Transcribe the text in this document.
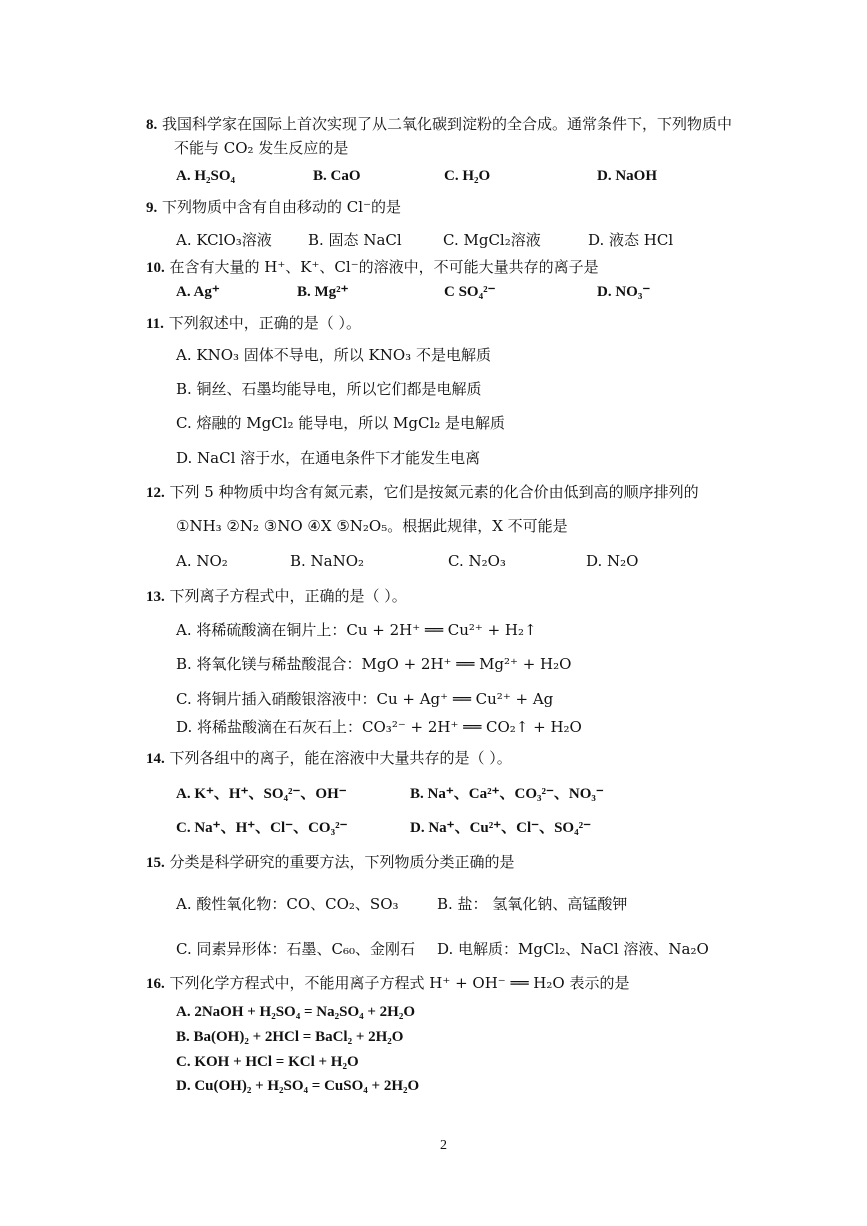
8. 我国科学家在国际上首次实现了从二氧化碳到淀粉的全合成。通常条件下，下列物质中
不能与 CO₂ 发生反应的是
A. H₂SO₄	B. CaO	C. H₂O	D. NaOH
9. 下列物质中含有自由移动的 Cl⁻的是
A. KClO₃溶液 B. 固态 NaCl	C. MgCl₂溶液	D. 液态 HCl
10. 在含有大量的 H⁺、K⁺、Cl⁻的溶液中，不可能大量共存的离子是
A. Ag⁺	B. Mg²⁺	C SO₄²⁻	D. NO₃⁻
11. 下列叙述中，正确的是（ ）。
A. KNO₃ 固体不导电，所以 KNO₃ 不是电解质
B. 铜丝、石墨均能导电，所以它们都是电解质
C. 熔融的 MgCl₂ 能导电，所以 MgCl₂ 是电解质
D. NaCl 溶于水，在通电条件下才能发生电离
12. 下列 5 种物质中均含有氮元素，它们是按氮元素的化合价由低到高的顺序排列的
①NH₃ ②N₂ ③NO ④X ⑤N₂O₅。根据此规律，X 不可能是
A. NO₂	B. NaNO₂	C. N₂O₃	D. N₂O
13. 下列离子方程式中，正确的是（ ）。
A. 将稀硫酸滴在铜片上：Cu + 2H⁺ ══ Cu²⁺ + H₂↑
B. 将氧化镁与稀盐酸混合：MgO + 2H⁺ ══ Mg²⁺ + H₂O
C. 将铜片插入硝酸银溶液中：Cu + Ag⁺ ══ Cu²⁺ + Ag
D. 将稀盐酸滴在石灰石上：CO₃²⁻ + 2H⁺ ══ CO₂↑ + H₂O
14. 下列各组中的离子，能在溶液中大量共存的是（ ）。
A. K⁺、H⁺、SO₄²⁻、OH⁻	B. Na⁺、Ca²⁺、CO₃²⁻、NO₃⁻
C. Na⁺、H⁺、Cl⁻、CO₃²⁻	D. Na⁺、Cu²⁺、Cl⁻、SO₄²⁻
15. 分类是科学研究的重要方法，下列物质分类正确的是
A. 酸性氧化物：CO、CO₂、SO₃	B. 盐： 氢氧化钠、高锰酸钾
C. 同素异形体：石墨、C₆₀、金刚石 D. 电解质：MgCl₂、NaCl 溶液、Na₂O
16. 下列化学方程式中，不能用离子方程式 H⁺ + OH⁻ ══ H₂O 表示的是
A. 2NaOH + H₂SO₄ = Na₂SO₄ + 2H₂O
B. Ba(OH)₂ + 2HCl = BaCl₂ + 2H₂O
C. KOH + HCl = KCl + H₂O
D. Cu(OH)₂ + H₂SO₄ = CuSO₄ + 2H₂O
2
